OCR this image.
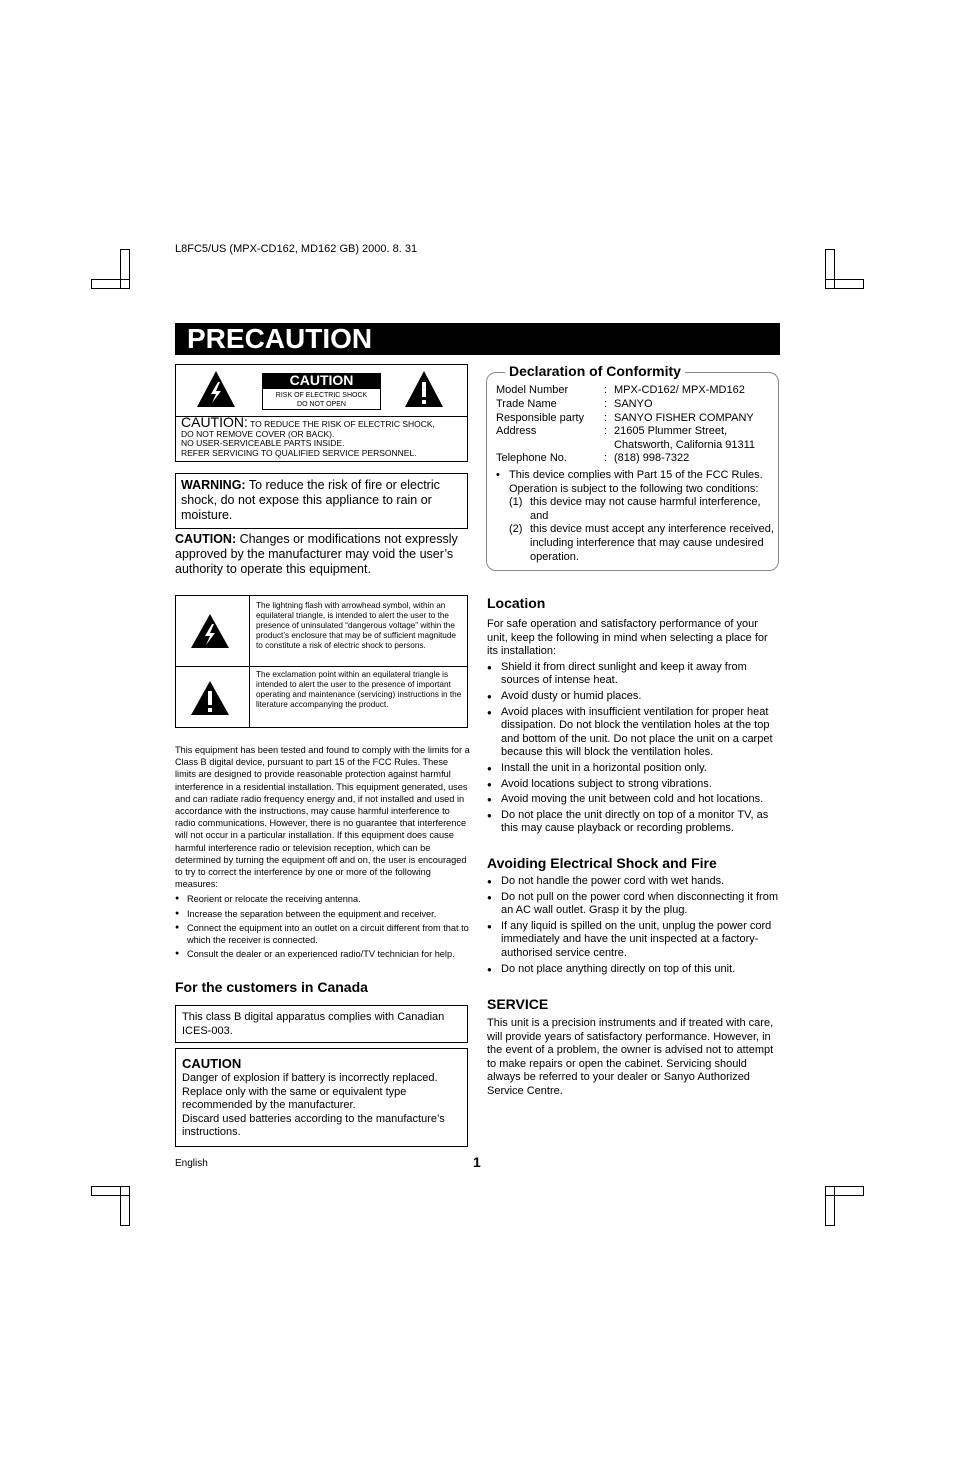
L8FC5/US (MPX-CD162, MD162 GB) 2000. 8. 31
PRECAUTION
CAUTION
RISK OF ELECTRIC SHOCK
DO NOT OPEN
CAUTION: TO REDUCE THE RISK OF ELECTRIC SHOCK,
DO NOT REMOVE COVER (OR BACK).
NO USER-SERVICEABLE PARTS INSIDE.
REFER SERVICING TO QUALIFIED SERVICE PERSONNEL.
WARNING: To reduce the risk of fire or electric shock, do not expose this appliance to rain or moisture.
CAUTION: Changes or modifications not expressly approved by the manufacturer may void the user’s authority to operate this equipment.
The lightning flash with arrowhead symbol, within an equilateral triangle, is intended to alert the user to the presence of uninsulated “dangerous voltage” within the product’s enclosure that may be of sufficient magnitude to constitute a risk of electric shock to persons.
The exclamation point within an equilateral triangle is intended to alert the user to the presence of important operating and maintenance (servicing) instructions in the literature accompanying the product.
This equipment has been tested and found to comply with the limits for a Class B digital device, pursuant to part 15 of the FCC Rules. These limits are designed to provide reasonable protection against harmful interference in a residential installation. This equipment generated, uses and can radiate radio frequency energy and, if not installed and used in accordance with the instructions, may cause harmful interference to radio communications. However, there is no guarantee that interference will not occur in a particular installation. If this equipment does cause harmful interference radio or television reception, which can be determined by turning the equipment off and on, the user is encouraged to try to correct the interference by one or more of the following measures:
● Reorient or relocate the receiving antenna.
● Increase the separation between the equipment and receiver.
● Connect the equipment into an outlet on a circuit different from that to which the receiver is connected.
● Consult the dealer or an experienced radio/TV technician for help.
For the customers in Canada
This class B digital apparatus complies with Canadian ICES-003.
CAUTION
Danger of explosion if battery is incorrectly replaced. Replace only with the same or equivalent type recommended by the manufacturer.
Discard used batteries according to the manufacture’s instructions.
English	1
Declaration of Conformity
Model Number	: MPX-CD162/ MPX-MD162
Trade Name	: SANYO
Responsible party : SANYO FISHER COMPANY
Address	: 21605 Plummer Street,
Chatsworth, California 91311
Telephone No.	: (818) 998-7322
• This device complies with Part 15 of the FCC Rules. Operation is subject to the following two conditions:
(1) this device may not cause harmful interference, and
(2) this device must accept any interference received, including interference that may cause undesired operation.
Location
For safe operation and satisfactory performance of your unit, keep the following in mind when selecting a place for its installation:
● Shield it from direct sunlight and keep it away from sources of intense heat.
● Avoid dusty or humid places.
● Avoid places with insufficient ventilation for proper heat dissipation. Do not block the ventilation holes at the top and bottom of the unit. Do not place the unit on a carpet because this will block the ventilation holes.
● Install the unit in a horizontal position only.
● Avoid locations subject to strong vibrations.
● Avoid moving the unit between cold and hot locations.
● Do not place the unit directly on top of a monitor TV, as this may cause playback or recording problems.
Avoiding Electrical Shock and Fire
● Do not handle the power cord with wet hands.
● Do not pull on the power cord when disconnecting it from an AC wall outlet. Grasp it by the plug.
● If any liquid is spilled on the unit, unplug the power cord immediately and have the unit inspected at a factory-authorised service centre.
● Do not place anything directly on top of this unit.
SERVICE
This unit is a precision instruments and if treated with care, will provide years of satisfactory performance. However, in the event of a problem, the owner is advised not to attempt to make repairs or open the cabinet. Servicing should always be referred to your dealer or Sanyo Authorized Service Centre.
